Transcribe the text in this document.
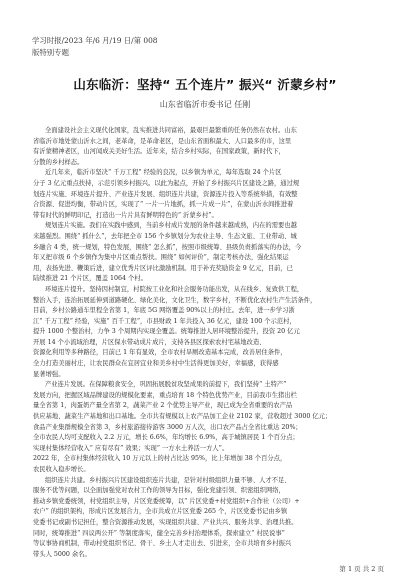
学习时报/2023 年/6 月/19 日/第 008
版特别专题
山东临沂：坚持“ 五个连片” 振兴“ 沂蒙乡村”
山东省临沂市委书记 任刚
全面建设社会主义现代化国家，乱实推进共同富裕，最艰巨最繁重的任务仍然在农村。山东
省临沂市地处蒙山沂水之间，老革命，是革命老区，是山东省面积最大、人口最多的市，这里
有沂蒙精神老区，山河闻成关美好生活。近年来，结合乡村实际，在国家政策，新时代下，
分散的乡村样态。
近几年来，临沂市坚决“ 千万工程” 经验的良况，以乡镇为单元，每年选取 24 个片区
分子 3 亿元重点扶持，示范引领乡村振兴。以此为起点，开始了乡村振兴片区建设之路，通过规
划连片实施、环境连片提升、产业连片发展、组织连片共建，资源连片投入等系统举措，有效整
合资源、促进均衡，带动片区，实现了“ 一片一片地抓，抓一片成一片”，在蒙山沂水间推进着
带有时代的鲜明印记，打造出一片片具有鲜明特色的“ 沂蒙乡村”。
规划连片实施。我们在实践中感到，当前乡村成片发展的条件越来越成熟，内在的需要也越
来越强烈。围绕“ 抓什么”，去年把全市 156 个乡镇划分为农业主导、生态文旅、工业带动、城
乡融合 4 类，统一规划，特色发展，围绕“ 怎么抓”，按照市级统筹、县级负责抓落实的办法，今
年又把市级 6 个乡镇作为集中片区重点帮扶。围绕“ 如何评价”，制定考核办法，强化结果运
用，表扬先进、鞭策后进，建立优秀片区评比激励机制。用于补充奖励资金 9 亿元，目前，已
陆续推进 21 个片区，覆盖 1064 个村。
环境连片提升。坚持因村制宜，村院按工业化和社会服务功能出发，从在线乡、复致供工程，
整治入手，连治拓展延伸到道路硬化、绿化美化，文化卫生，数字乡村，不断优化农村生产生活条件，
目前，乡村公路通车里程全省第 1，年底 5G 网络覆盖 90%以上的村庄。去年，进一步学习浙
江“ 千万工程” 经验，实施“ 百千工程”，市县财政 1 年共投入 36 亿元，建设 100 个示范村，
提升 1000 个整治村，力争 3 个周期内实现全覆盖。统筹推进人居环境整治提升，投资 20 亿元
开展 14 个小流域治理，片区保水带动成片成片，支持各县区探索农村宅基地改造、
资源化利用等多种路径，目前已 1 年有显效，全市农村旱厕改造基本完成，改善居住条件，
全力打造美丽村庄，让农民群众在宜居宜业和美乡村中生活得更加美好，幸福感，获得感
显著增强。
产业连片发展。在保障粮食安全，巩固拓展脱贫攻坚成果的前提下，我们坚持“ 土特产”
发展方向，把握区域品牌建设的规模化要素，重点培育 18 个特色优势产业，目前我市生猪出栏
量全省第 1，肉蛋奶产量全省第 2，蔬菜产业 2 个优势主导产业，现已成为全省重要的农产品
供应基地、蔬菜生产基地和出口基地。全市共有规模以上农产品加工企业 2102 家，营收超过 3000 亿元；
食品产业集群规模全省第 3，乡村旅游接待游客 3000 万人次，出口农产品占全省比重达 20%；
全市农民人均可支配收入 2.2 万元，增长 6.6%，年均增长 6.9%，高于城镇居民 1 个百分点；
实现村集体经营收入“ 应有尽有” 效果；实现“ 一方水土养活一方人”。
2022 年，全市村集体经营收入 10 万元以上的村占比达 95%，比上年增加 38 个百分点，
农民收入稳步增长。
组织连片共建。乡村振兴片区建设组织连片共建，是针对村级组织力量不够、人才不足、
服务不优等问题，以全面加强党对农村工作的领导为目标，强化党建引领、织密组织网络，
推动乡镇党委统领，村党组织主导，片区党委统筹，以“ 片区党委+村党组织+合作社（公司）+
农户” 的组织架构，形成片区发展合力，全市共成立片区党委 265 个，片区党委书记由乡镇
党委书记或副书记担任，整合资源推动发展，实现组织共建、产业共兴、服务共享、治理共推。
同时，统筹推进“ 四议两公开” 等制度落实，健全完善乡村治理体系，探索建立“ 村民说事”
等议事协商机制，带动村党组织书记、骨干、乡土人才走出去、引进来，全市共培育乡村振兴
带头人 5000 余名。
第 1 页 共 2 页
